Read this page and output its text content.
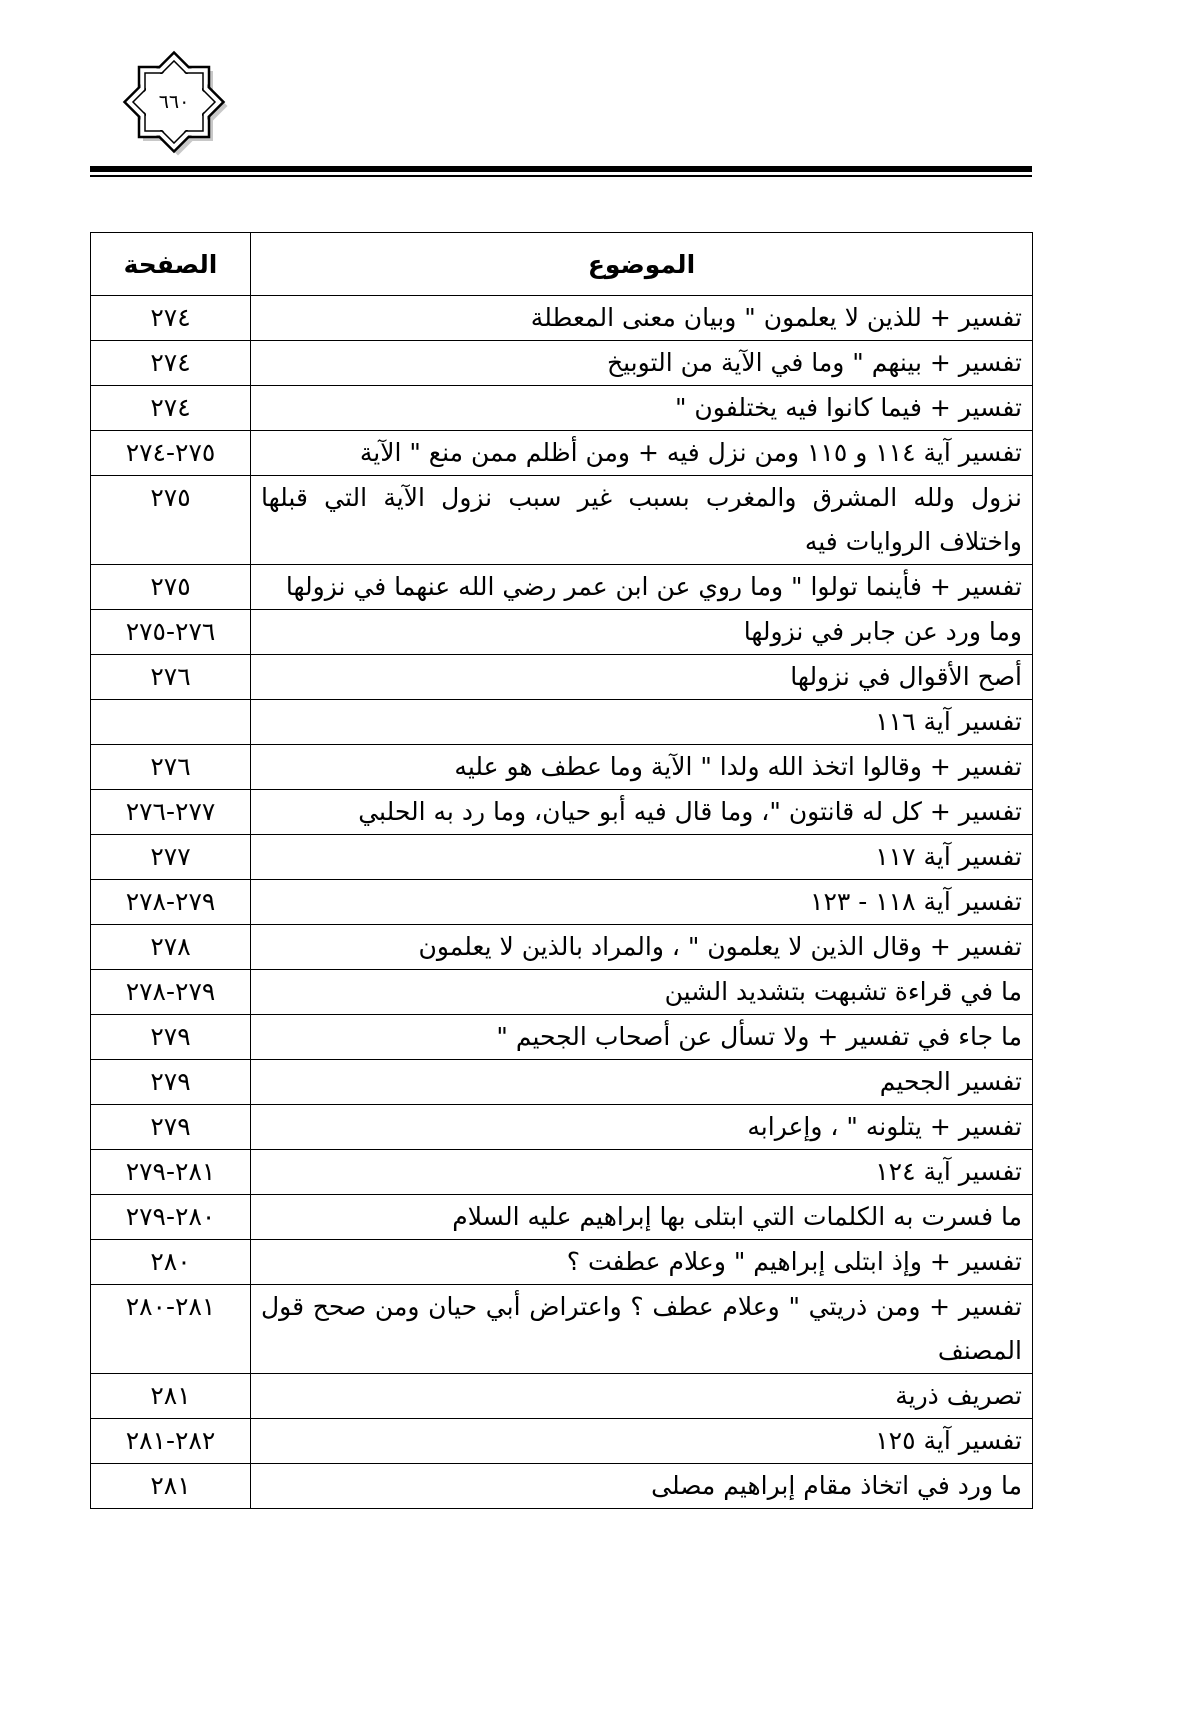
٦٦٠
الموضوع	الصفحة
تفسير + للذين لا يعلمون " وبيان معنى المعطلة	٢٧٤
تفسير + بينهم " وما في الآية من التوبيخ	٢٧٤
تفسير + فيما كانوا فيه يختلفون "	٢٧٤
تفسير آية ١١٤ و ١١٥ ومن نزل فيه + ومن أظلم ممن منع " الآية	٢٧٥-٢٧٤
نزول ولله المشرق والمغرب بسبب غير سبب نزول الآية التي قبلها واختلاف الروايات فيه	٢٧٥
تفسير + فأينما تولوا " وما روي عن ابن عمر رضي الله عنهما في نزولها	٢٧٥
وما ورد عن جابر في نزولها	٢٧٦-٢٧٥
أصح الأقوال في نزولها	٢٧٦
تفسير آية ١١٦	
تفسير + وقالوا اتخذ الله ولدا " الآية وما عطف هو عليه	٢٧٦
تفسير + كل له قانتون "، وما قال فيه أبو حيان، وما رد به الحلبي	٢٧٧-٢٧٦
تفسير آية ١١٧	٢٧٧
تفسير آية ١١٨ - ١٢٣	٢٧٩-٢٧٨
تفسير + وقال الذين لا يعلمون " ، والمراد بالذين لا يعلمون	٢٧٨
ما في قراءة تشبهت بتشديد الشين	٢٧٩-٢٧٨
ما جاء في تفسير + ولا تسأل عن أصحاب الجحيم "	٢٧٩
تفسير الجحيم	٢٧٩
تفسير + يتلونه " ، وإعرابه	٢٧٩
تفسير آية ١٢٤	٢٨١-٢٧٩
ما فسرت به الكلمات التي ابتلى بها إبراهيم عليه السلام	٢٨٠-٢٧٩
تفسير + وإذ ابتلى إبراهيم " وعلام عطفت ؟	٢٨٠
تفسير + ومن ذريتي " وعلام عطف ؟ واعتراض أبي حيان ومن صحح قول المصنف	٢٨١-٢٨٠
تصريف ذرية	٢٨١
تفسير آية ١٢٥	٢٨٢-٢٨١
ما ورد في اتخاذ مقام إبراهيم مصلى	٢٨١
